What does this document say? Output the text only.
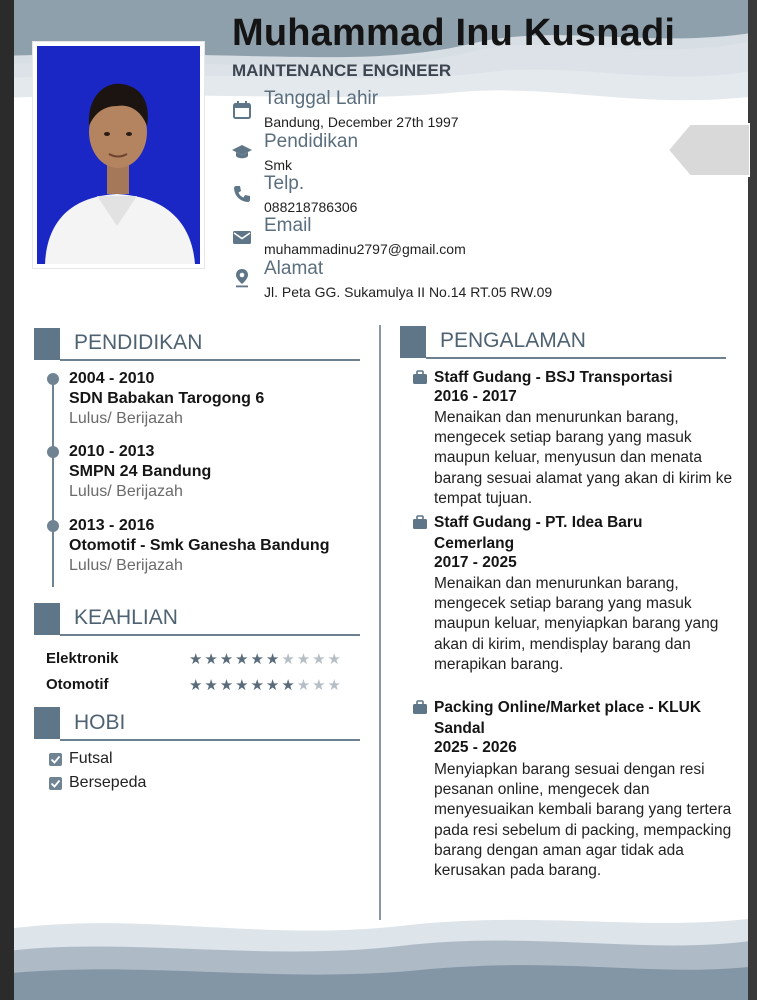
Muhammad Inu Kusnadi
MAINTENANCE ENGINEER
Tanggal Lahir
Bandung, December 27th 1997
Pendidikan
Smk
Telp.
088218786306
Email
muhammadinu2797@gmail.com
Alamat
Jl. Peta GG. Sukamulya II No.14 RT.05 RW.09
PENDIDIKAN
2004 - 2010
SDN Babakan Tarogong 6
Lulus/ Berijazah
2010 - 2013
SMPN 24 Bandung
Lulus/ Berijazah
2013 - 2016
Otomotif - Smk Ganesha Bandung
Lulus/ Berijazah
KEAHLIAN
Elektronik	★ ★ ★ ★ ★ ★ ★ ★ ★ ★
Otomotif	★ ★ ★ ★ ★ ★ ★ ★ ★ ★
HOBI
Futsal
Bersepeda
PENGALAMAN
Staff Gudang - BSJ Transportasi
2016 - 2017
Menaikan dan menurunkan barang, mengecek setiap barang yang masuk maupun keluar, menyusun dan menata barang sesuai alamat yang akan di kirim ke tempat tujuan.
Staff Gudang - PT. Idea Baru Cemerlang
2017 - 2025
Menaikan dan menurunkan barang, mengecek setiap barang yang masuk maupun keluar, menyiapkan barang yang akan di kirim, mendisplay barang dan merapikan barang.
Packing Online/Market place - KLUK Sandal
2025 - 2026
Menyiapkan barang sesuai dengan resi pesanan online, mengecek dan menyesuaikan kembali barang yang tertera pada resi sebelum di packing, mempacking barang dengan aman agar tidak ada kerusakan pada barang.
